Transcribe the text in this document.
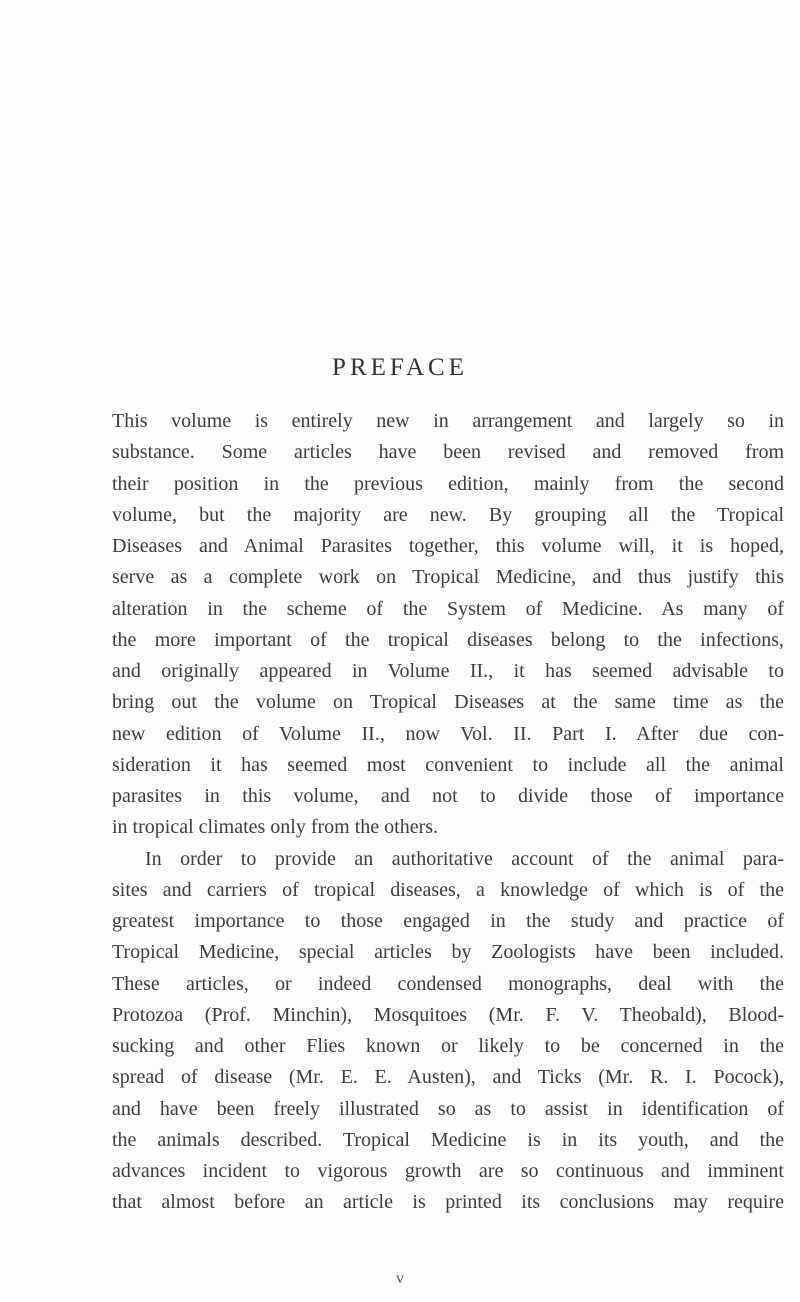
PREFACE
This volume is entirely new in arrangement and largely so in
substance. Some articles have been revised and removed from
their position in the previous edition, mainly from the second
volume, but the majority are new. By grouping all the Tropical
Diseases and Animal Parasites together, this volume will, it is hoped,
serve as a complete work on Tropical Medicine, and thus justify this
alteration in the scheme of the System of Medicine. As many of
the more important of the tropical diseases belong to the infections,
and originally appeared in Volume II., it has seemed advisable to
bring out the volume on Tropical Diseases at the same time as the
new edition of Volume II., now Vol. II. Part I. After due con-
sideration it has seemed most convenient to include all the animal
parasites in this volume, and not to divide those of importance
in tropical climates only from the others.
In order to provide an authoritative account of the animal para-
sites and carriers of tropical diseases, a knowledge of which is of the
greatest importance to those engaged in the study and practice of
Tropical Medicine, special articles by Zoologists have been included.
These articles, or indeed condensed monographs, deal with the
Protozoa (Prof. Minchin), Mosquitoes (Mr. F. V. Theobald), Blood-
sucking and other Flies known or likely to be concerned in the
spread of disease (Mr. E. E. Austen), and Ticks (Mr. R. I. Pocock),
and have been freely illustrated so as to assist in identification of
the animals described. Tropical Medicine is in its youth, and the
advances incident to vigorous growth are so continuous and imminent
that almost before an article is printed its conclusions may require
v
